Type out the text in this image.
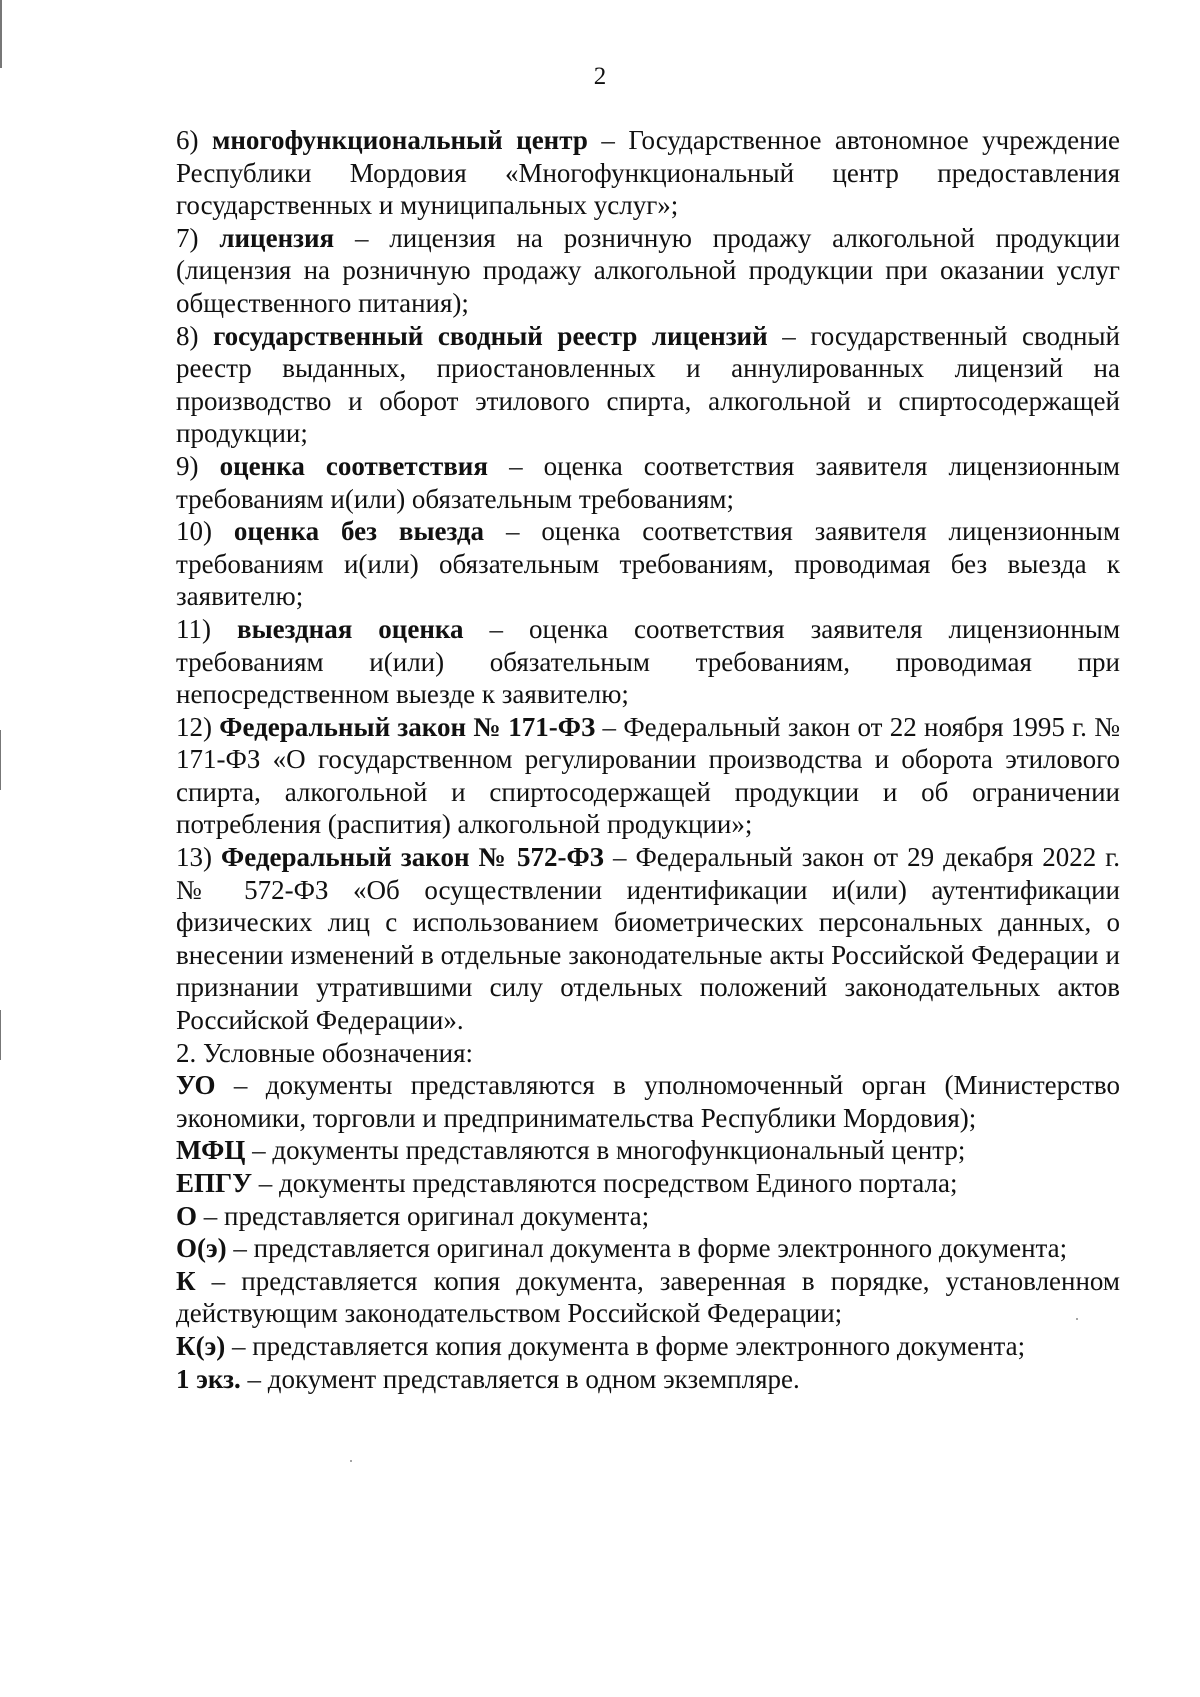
2

6) многофункциональный центр – Государственное автономное учреждение Республики Мордовия «Многофункциональный центр предоставления государственных и муниципальных услуг»;

7) лицензия – лицензия на розничную продажу алкогольной продукции (лицензия на розничную продажу алкогольной продукции при оказании услуг общественного питания);

8) государственный сводный реестр лицензий – государственный сводный реестр выданных, приостановленных и аннулированных лицензий на производство и оборот этилового спирта, алкогольной и спиртосодержащей продукции;

9) оценка соответствия – оценка соответствия заявителя лицензионным требованиям и(или) обязательным требованиям;

10) оценка без выезда – оценка соответствия заявителя лицензионным требованиям и(или) обязательным требованиям, проводимая без выезда к заявителю;

11) выездная оценка – оценка соответствия заявителя лицензионным требованиям и(или) обязательным требованиям, проводимая при непосредственном выезде к заявителю;

12) Федеральный закон № 171-ФЗ – Федеральный закон от 22 ноября 1995 г. № 171-ФЗ «О государственном регулировании производства и оборота этилового спирта, алкогольной и спиртосодержащей продукции и об ограничении потребления (распития) алкогольной продукции»;

13) Федеральный закон № 572-ФЗ – Федеральный закон от 29 декабря 2022 г. № 572-ФЗ «Об осуществлении идентификации и(или) аутентификации физических лиц с использованием биометрических персональных данных, о внесении изменений в отдельные законодательные акты Российской Федерации и признании утратившими силу отдельных положений законодательных актов Российской Федерации».

2. Условные обозначения:

УО – документы представляются в уполномоченный орган (Министерство экономики, торговли и предпринимательства Республики Мордовия);

МФЦ – документы представляются в многофункциональный центр;

ЕПГУ – документы представляются посредством Единого портала;

О – представляется оригинал документа;

О(э) – представляется оригинал документа в форме электронного документа;

К – представляется копия документа, заверенная в порядке, установленном действующим законодательством Российской Федерации;

К(э) – представляется копия документа в форме электронного документа;

1 экз. – документ представляется в одном экземпляре.
